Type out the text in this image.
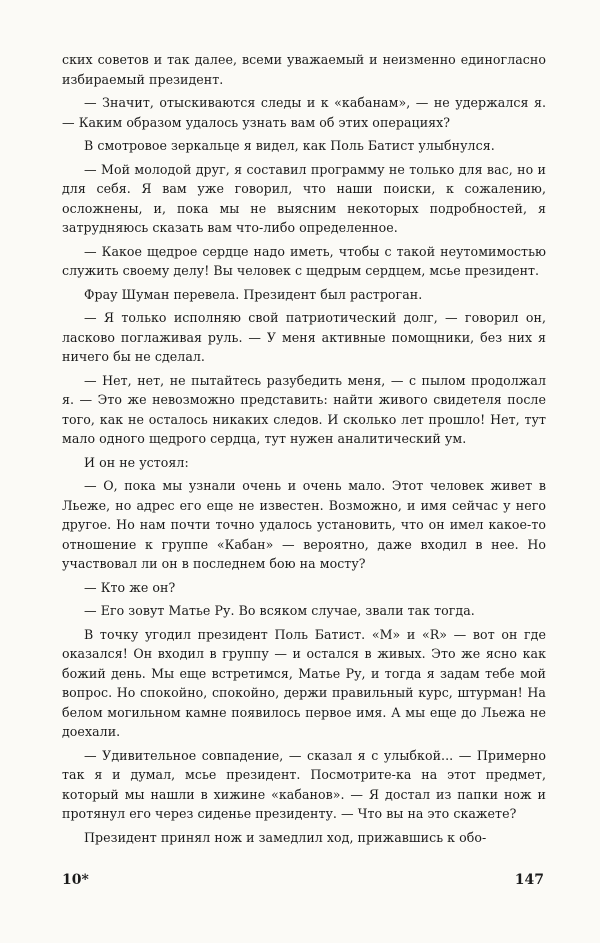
ских советов и так далее, всеми уважаемый и неизменно единогласно избираемый президент.

— Значит, отыскиваются следы и к «кабанам», — не удержался я. — Каким образом удалось узнать вам об этих операциях?

В смотровое зеркальце я видел, как Поль Батист улыбнулся.

— Мой молодой друг, я составил программу не только для вас, но и для себя. Я вам уже говорил, что наши поиски, к сожалению, осложнены, и, пока мы не выясним некоторых подробностей, я затрудняюсь сказать вам что-либо определенное.

— Какое щедрое сердце надо иметь, чтобы с такой неутомимостью служить своему делу! Вы человек с щедрым сердцем, мсье президент.

Фрау Шуман перевела. Президент был растроган.

— Я только исполняю свой патриотический долг, — говорил он, ласково поглаживая руль. — У меня активные помощники, без них я ничего бы не сделал.

— Нет, нет, не пытайтесь разубедить меня, — с пылом продолжал я. — Это же невозможно представить: найти живого свидетеля после того, как не осталось никаких следов. И сколько лет прошло! Нет, тут мало одного щедрого сердца, тут нужен аналитический ум.

И он не устоял:

— О, пока мы узнали очень и очень мало. Этот человек живет в Льеже, но адрес его еще не известен. Возможно, и имя сейчас у него другое. Но нам почти точно удалось установить, что он имел какое-то отношение к группе «Кабан» — вероятно, даже входил в нее. Но участвовал ли он в последнем бою на мосту?

— Кто же он?

— Его зовут Матье Ру. Во всяком случае, звали так тогда.

В точку угодил президент Поль Батист. «М» и «R» — вот он где оказался! Он входил в группу — и остался в живых. Это же ясно как божий день. Мы еще встретимся, Матье Ру, и тогда я задам тебе мой вопрос. Но спокойно, спокойно, держи правильный курс, штурман! На белом могильном камне появилось первое имя. А мы еще до Льежа не доехали.

— Удивительное совпадение, — сказал я с улыбкой... — Примерно так я и думал, мсье президент. Посмотрите-ка на этот предмет, который мы нашли в хижине «кабанов». — Я достал из папки нож и протянул его через сиденье президенту. — Что вы на это скажете?

Президент принял нож и замедлил ход, прижавшись к обо-

10*	147
